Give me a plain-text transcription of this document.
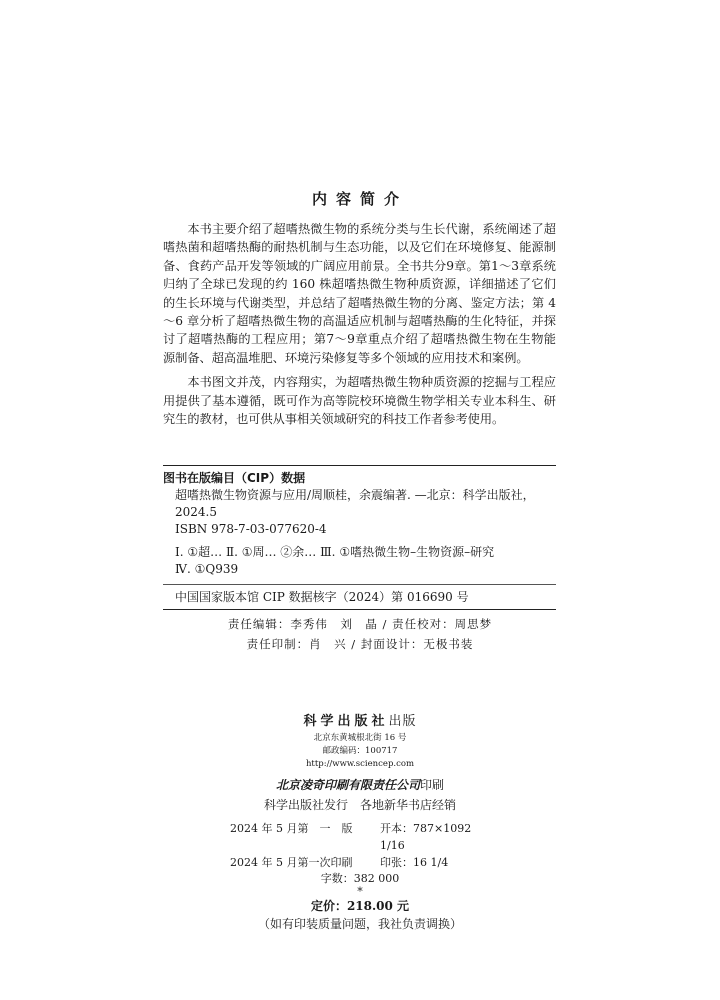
内容简介

本书主要介绍了超嗜热微生物的系统分类与生长代谢，系统阐述了超嗜热菌和超嗜热酶的耐热机制与生态功能，以及它们在环境修复、能源制备、食药产品开发等领域的广阔应用前景。全书共分9章。第1～3章系统归纳了全球已发现的约 160 株超嗜热微生物种质资源，详细描述了它们的生长环境与代谢类型，并总结了超嗜热微生物的分离、鉴定方法；第 4～6 章分析了超嗜热微生物的高温适应机制与超嗜热酶的生化特征，并探讨了超嗜热酶的工程应用；第7～9章重点介绍了超嗜热微生物在生物能源制备、超高温堆肥、环境污染修复等多个领域的应用技术和案例。

本书图文并茂，内容翔实，为超嗜热微生物种质资源的挖掘与工程应用提供了基本遵循，既可作为高等院校环境微生物学相关专业本科生、研究生的教材，也可供从事相关领域研究的科技工作者参考使用。

图书在版编目（CIP）数据
超嗜热微生物资源与应用/周顺桂，余震编著. —北京：科学出版社，
2024.5
ISBN 978-7-03-077620-4
Ⅰ. ①超… Ⅱ. ①周… ②余… Ⅲ. ①嗜热微生物–生物资源–研究
Ⅳ. ①Q939
中国国家版本馆 CIP 数据核字（2024）第 016690 号
责任编辑：李秀伟　刘　晶 / 责任校对：周思梦
责任印制：肖　兴 / 封面设计：无极书装
科学出版社出版
北京东黄城根北街 16 号
邮政编码：100717
http://www.sciencep.com
北京凌奇印刷有限责任公司印刷
科学出版社发行 各地新华书店经销
2024 年 5 月第　一　版	开本：787×1092 1/16
2024 年 5 月第一次印刷	印张：16 1/4
字数：382 000
*
定价：218.00 元
（如有印装质量问题，我社负责调换）
